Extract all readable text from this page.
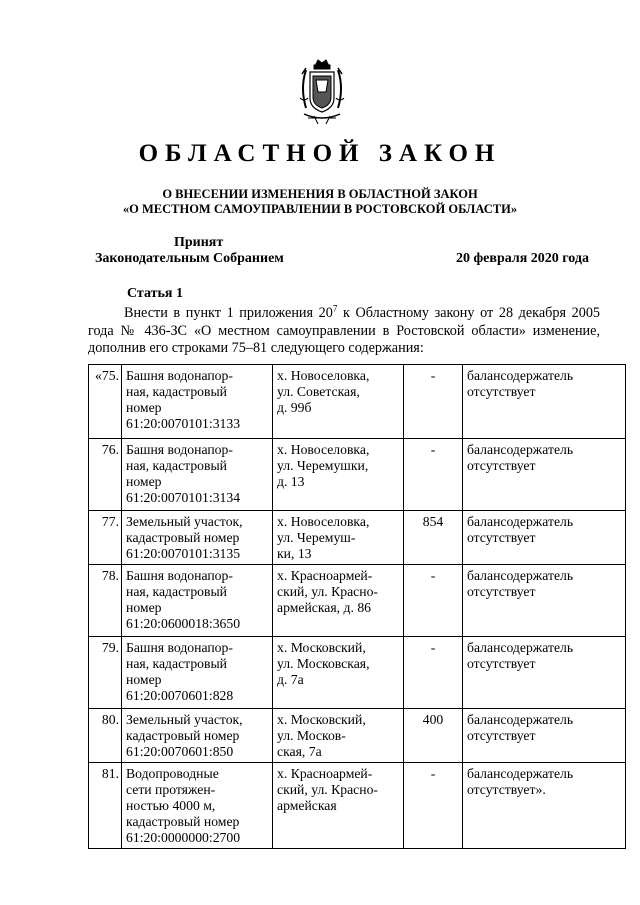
ОБЛАСТНОЙ ЗАКОН
О ВНЕСЕНИИ ИЗМЕНЕНИЯ В ОБЛАСТНОЙ ЗАКОН
«О МЕСТНОМ САМОУПРАВЛЕНИИ В РОСТОВСКОЙ ОБЛАСТИ»
Принят
Законодательным Собранием	20 февраля 2020 года
Статья 1
Внести в пункт 1 приложения $20^7$ к Областному закону от 28 декабря 2005 года № 436-ЗС «О местном самоуправлении в Ростовской области» изменение, дополнив его строками 75–81 следующего содержания:
«75.	Башня водонапор-
ная, кадастровый
номер
61:20:0070101:3133	х. Новоселовка,
ул. Советская,
д. 99б	-	балансодержатель
отсутствует
76.	Башня водонапор-
ная, кадастровый
номер
61:20:0070101:3134	х. Новоселовка,
ул. Черемушки,
д. 13	-	балансодержатель
отсутствует
77.	Земельный участок,
кадастровый номер
61:20:0070101:3135	х. Новоселовка,
ул. Черемуш-
ки, 13	854	балансодержатель
отсутствует
78.	Башня водонапор-
ная, кадастровый
номер
61:20:0600018:3650	х. Красноармей-
ский, ул. Красно-
армейская, д. 86	-	балансодержатель
отсутствует
79.	Башня водонапор-
ная, кадастровый
номер
61:20:0070601:828	х. Московский,
ул. Московская,
д. 7а	-	балансодержатель
отсутствует
80.	Земельный участок,
кадастровый номер
61:20:0070601:850	х. Московский,
ул. Москов-
ская, 7а	400	балансодержатель
отсутствует
81.	Водопроводные
сети протяжен-
ностью 4000 м,
кадастровый номер
61:20:0000000:2700	х. Красноармей-
ский, ул. Красно-
армейская	-	балансодержатель
отсутствует».
